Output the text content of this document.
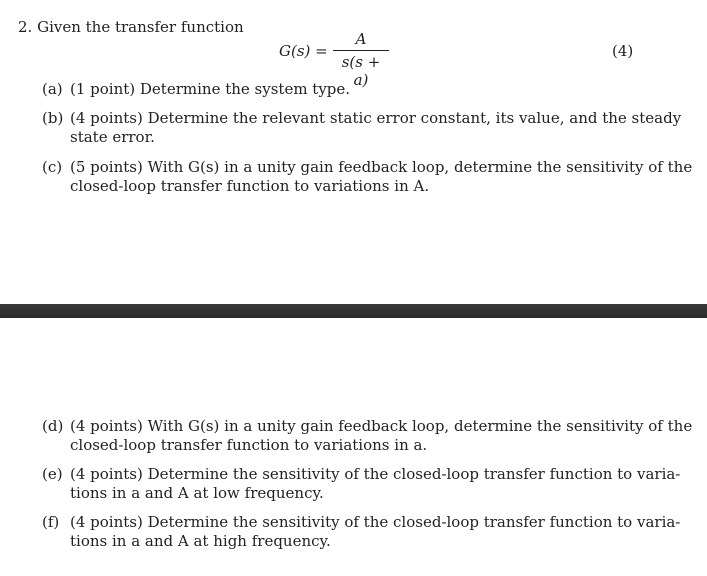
2. Given the transfer function
G(s) =
A
s(s + a)
(4)
(a) (1 point) Determine the system type.
(b) (4 points) Determine the relevant static error constant, its value, and the steady
state error.
(c) (5 points) With G(s) in a unity gain feedback loop, determine the sensitivity of the
closed-loop transfer function to variations in A.
(d) (4 points) With G(s) in a unity gain feedback loop, determine the sensitivity of the
closed-loop transfer function to variations in a.
(e) (4 points) Determine the sensitivity of the closed-loop transfer function to varia-
tions in a and A at low frequency.
(f) (4 points) Determine the sensitivity of the closed-loop transfer function to varia-
tions in a and A at high frequency.
